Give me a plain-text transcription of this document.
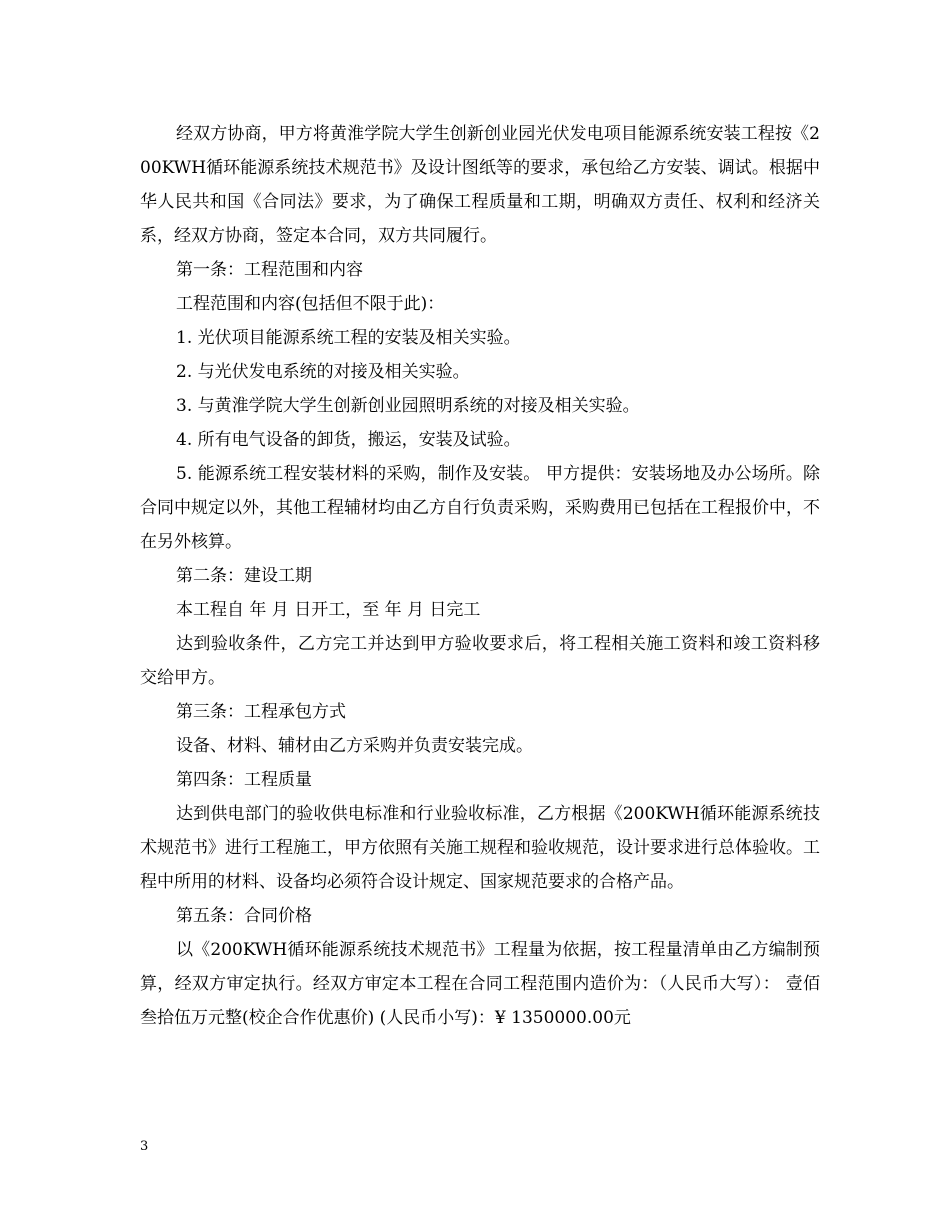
经双方协商，甲方将黄淮学院大学生创新创业园光伏发电项目能源系统安装工程按《200KWH循环能源系统技术规范书》及设计图纸等的要求，承包给乙方安装、调试。根据中华人民共和国《合同法》要求，为了确保工程质量和工期，明确双方责任、权利和经济关系，经双方协商，签定本合同，双方共同履行。

第一条：工程范围和内容

工程范围和内容(包括但不限于此)：

1. 光伏项目能源系统工程的安装及相关实验。

2. 与光伏发电系统的对接及相关实验。

3. 与黄淮学院大学生创新创业园照明系统的对接及相关实验。

4. 所有电气设备的卸货，搬运，安装及试验。

5. 能源系统工程安装材料的采购，制作及安装。 甲方提供：安装场地及办公场所。除合同中规定以外，其他工程辅材均由乙方自行负责采购，采购费用已包括在工程报价中，不在另外核算。

第二条：建设工期

本工程自 年 月 日开工，至 年 月 日完工

达到验收条件，乙方完工并达到甲方验收要求后，将工程相关施工资料和竣工资料移交给甲方。

第三条：工程承包方式

设备、材料、辅材由乙方采购并负责安装完成。

第四条：工程质量

达到供电部门的验收供电标准和行业验收标准，乙方根据《200KWH循环能源系统技术规范书》进行工程施工，甲方依照有关施工规程和验收规范，设计要求进行总体验收。工程中所用的材料、设备均必须符合设计规定、国家规范要求的合格产品。

第五条：合同价格

以《200KWH循环能源系统技术规范书》工程量为依据，按工程量清单由乙方编制预算，经双方审定执行。经双方审定本工程在合同工程范围内造价为：（人民币大写）： 壹佰叁拾伍万元整(校企合作优惠价) (人民币小写)：¥ 1350000.00元

3
